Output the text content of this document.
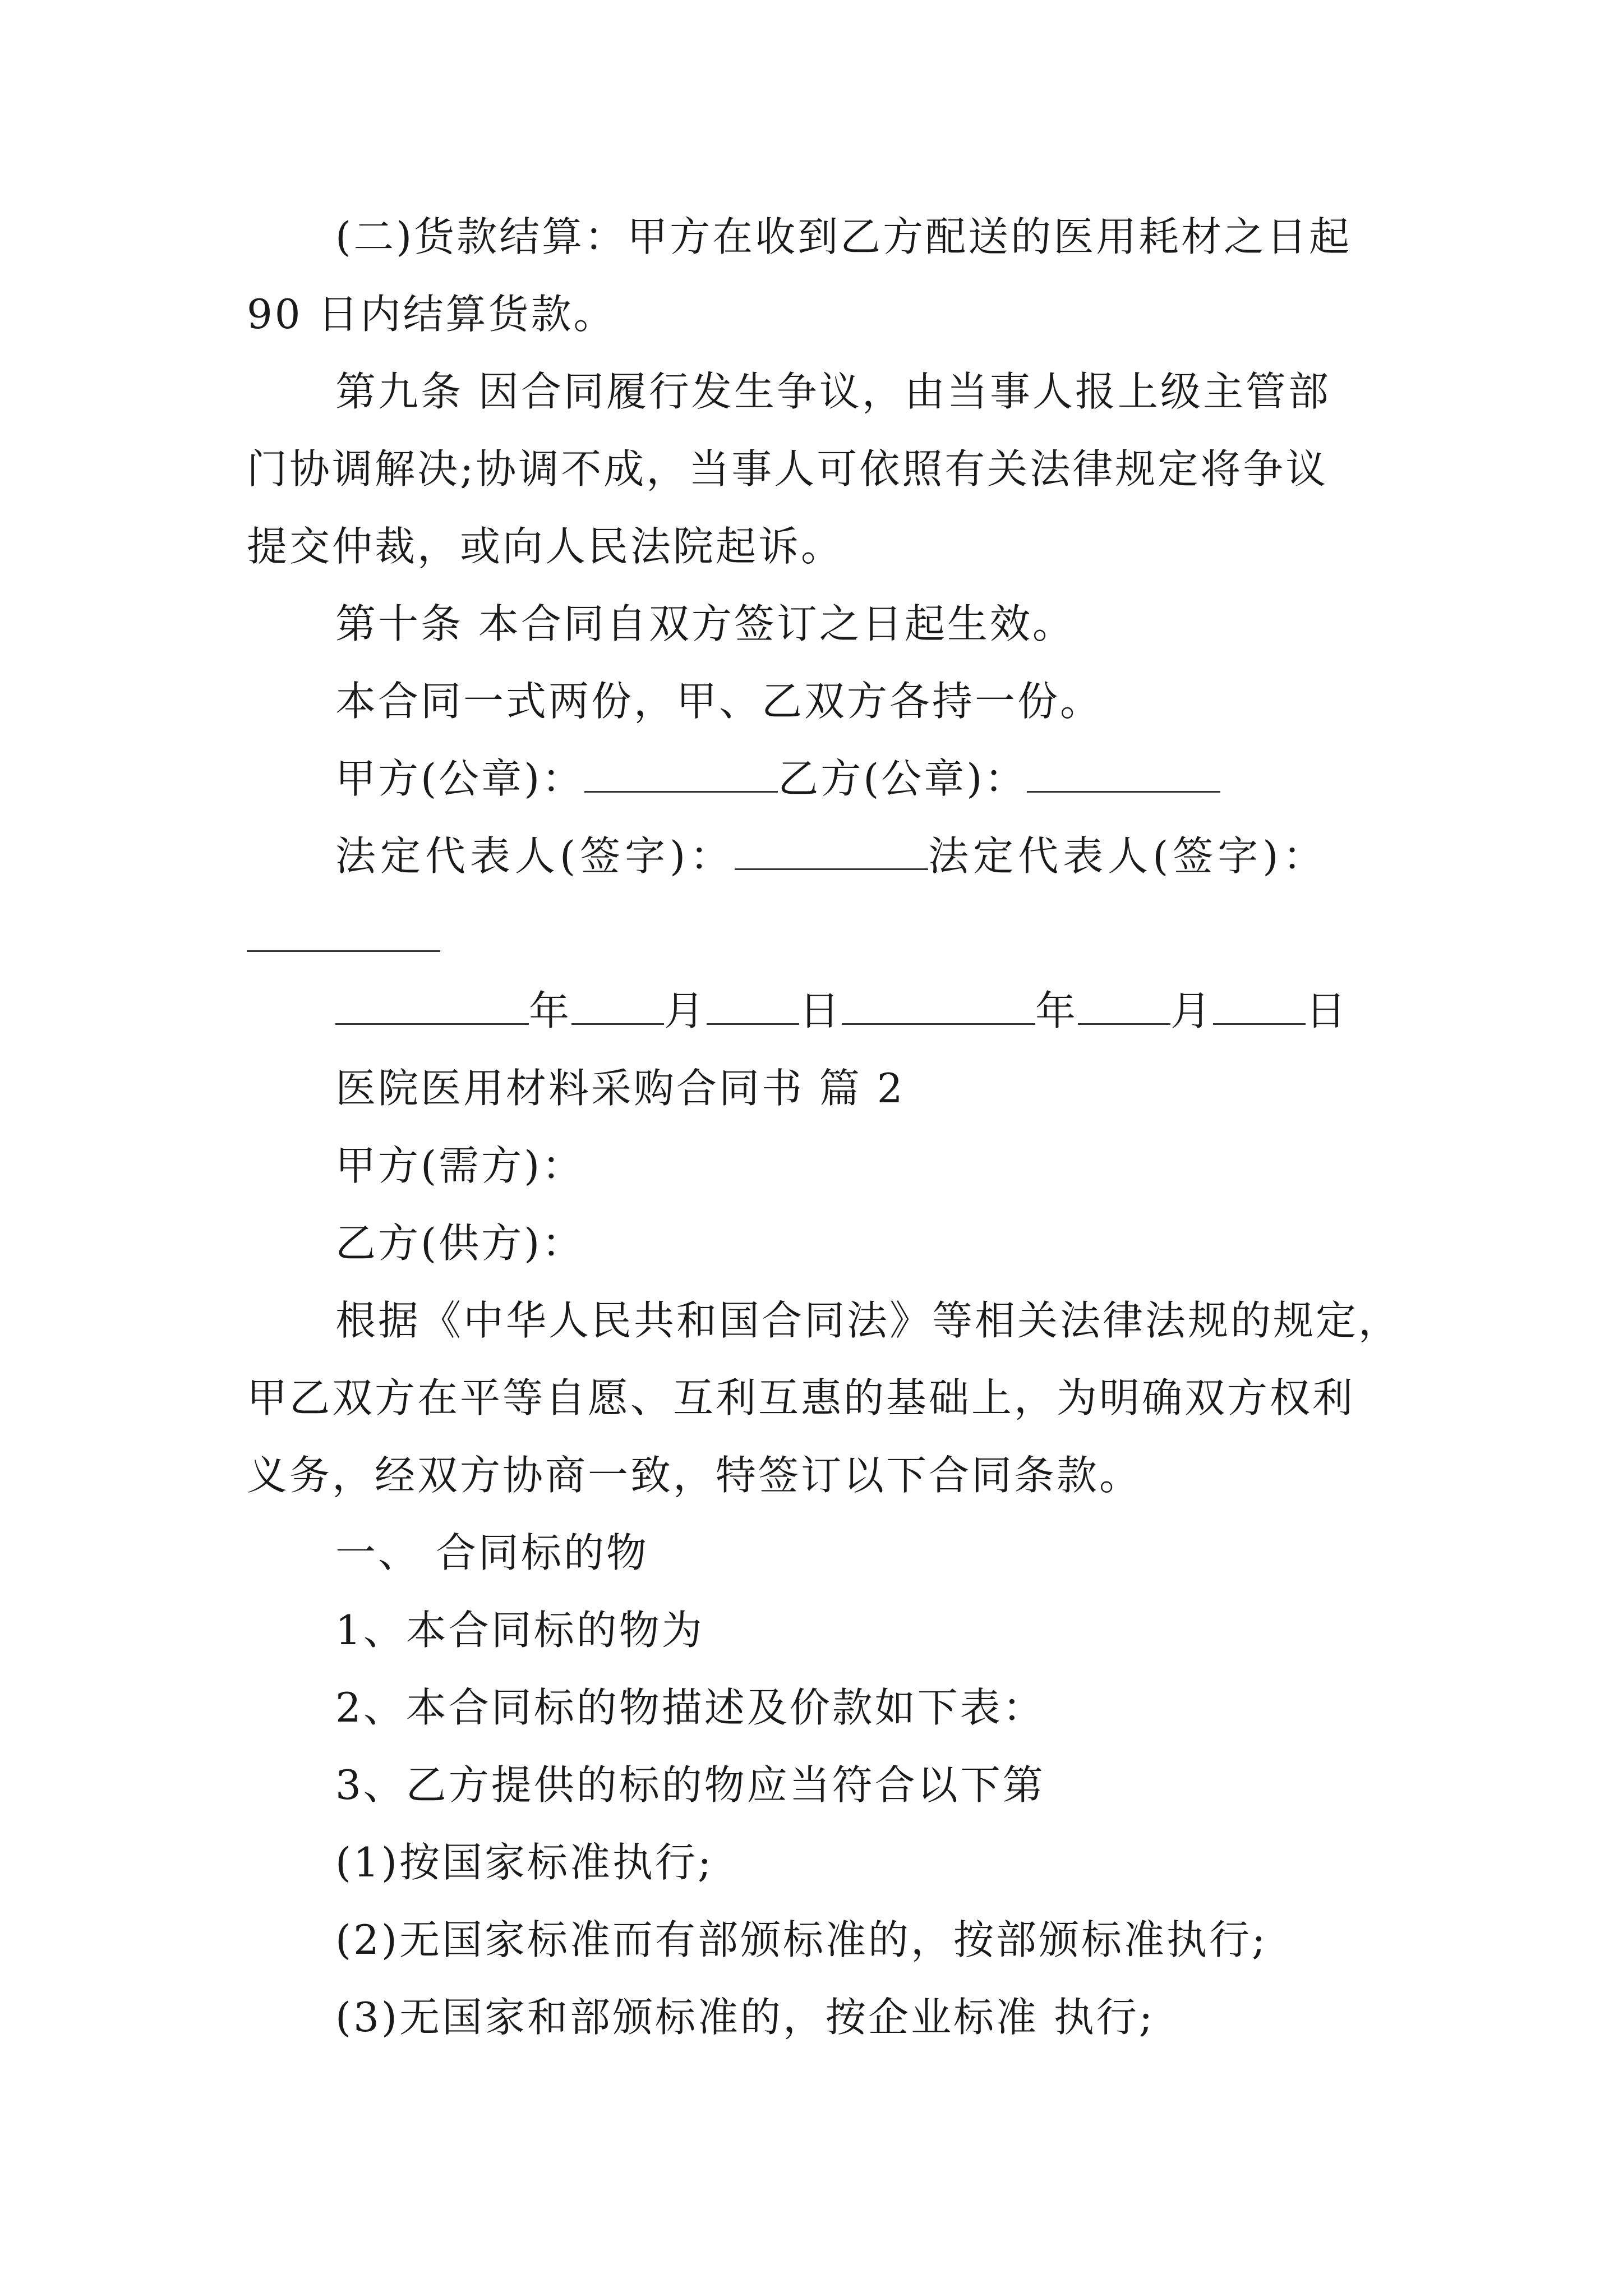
(二)货款结算：甲方在收到乙方配送的医用耗材之日起
90 日内结算货款。
第九条 因合同履行发生争议，由当事人报上级主管部
门协调解决;协调不成，当事人可依照有关法律规定将争议
提交仲裁，或向人民法院起诉。
第十条 本合同自双方签订之日起生效。
本合同一式两份，甲、乙双方各持一份。
甲方(公章)：	乙方(公章)：
法定代表人(签字)：	法定代表人(签字)：
年 月 日	年 月 日
医院医用材料采购合同书 篇 2
甲方(需方)：
乙方(供方)：
根据《中华人民共和国合同法》等相关法律法规的规定，
甲乙双方在平等自愿、互利互惠的基础上，为明确双方权利
义务，经双方协商一致，特签订以下合同条款。
一、 合同标的物
1、本合同标的物为
2、本合同标的物描述及价款如下表：
3、乙方提供的标的物应当符合以下第
(1)按国家标准执行;
(2)无国家标准而有部颁标准的，按部颁标准执行;
(3)无国家和部颁标准的，按企业标准 执行;
